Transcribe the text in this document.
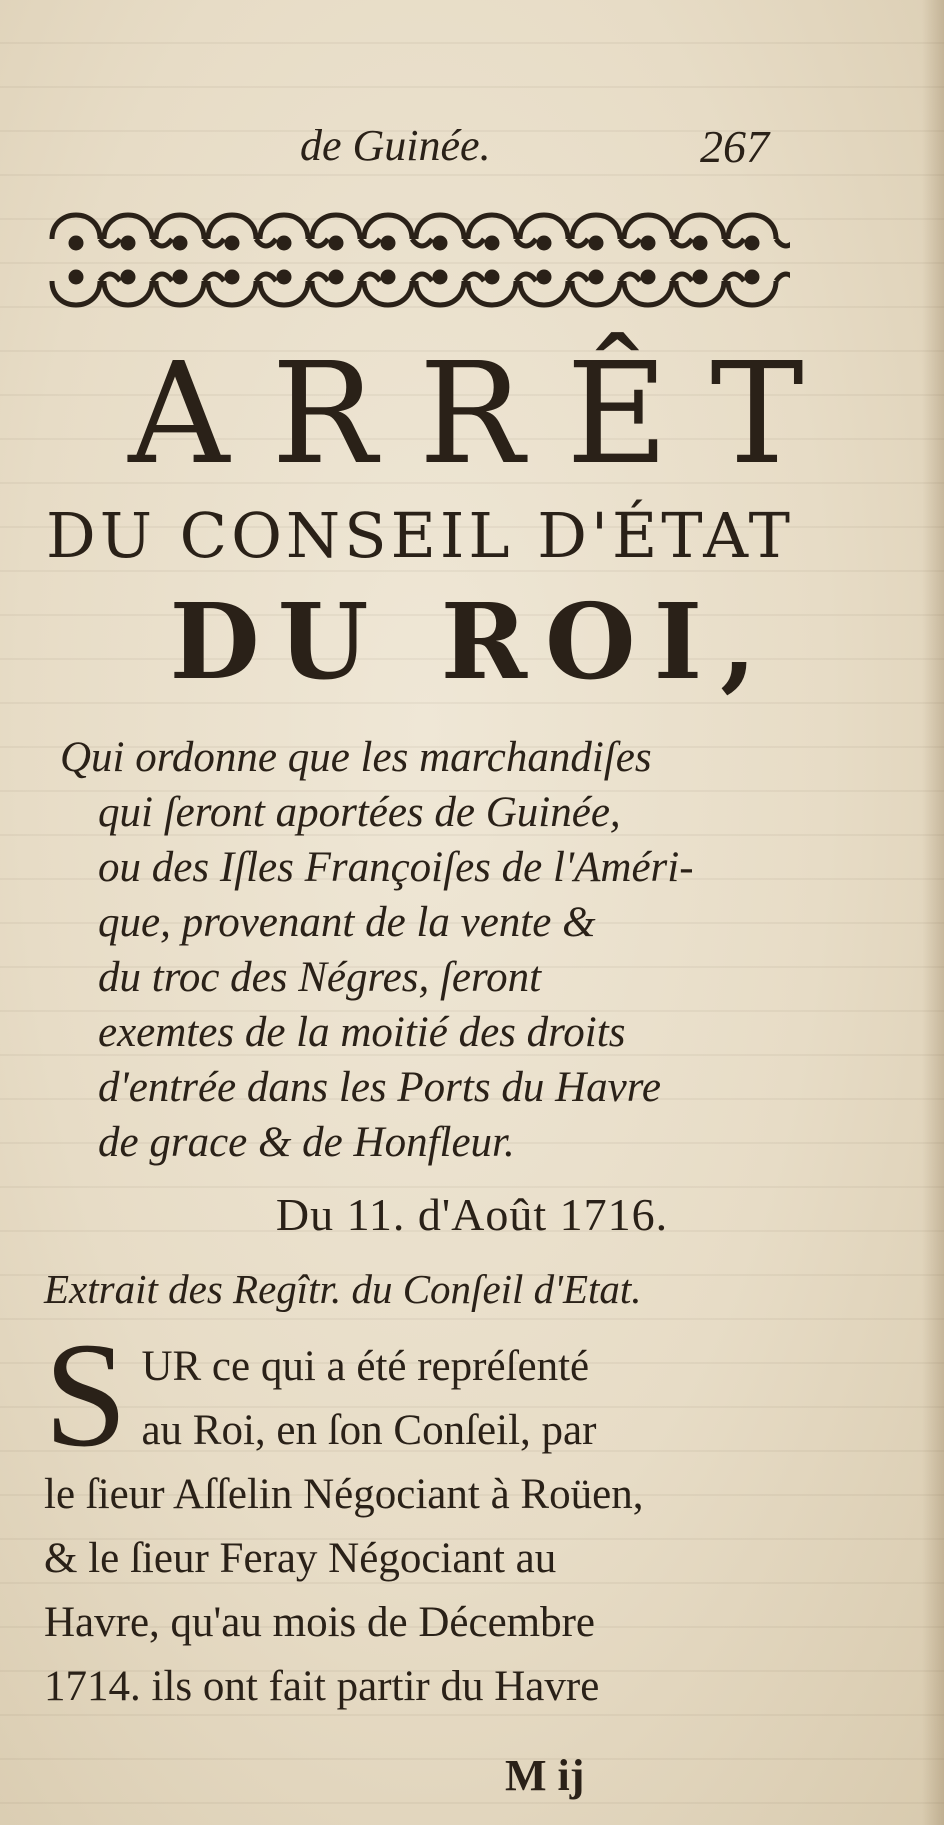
de Guinée.	267
ARRÊT
DU CONSEIL D'ÉTAT
DU ROI,
Qui ordonne que les marchandiſes
qui ſeront aportées de Guinée,
ou des Iſles Françoiſes de l'Améri-
que, provenant de la vente &
du troc des Négres, ſeront
exemtes de la moitié des droits
d'entrée dans les Ports du Havre
de grace & de Honfleur.
Du 11. d'Août 1716.
Extrait des Regîtr. du Conſeil d'Etat.
S UR ce qui a été repréſenté
au Roi, en ſon Conſeil, par
le ſieur Aſſelin Négociant à Roüen,
& le ſieur Feray Négociant au
Havre, qu'au mois de Décembre
1714. ils ont fait partir du Havre
M ij
